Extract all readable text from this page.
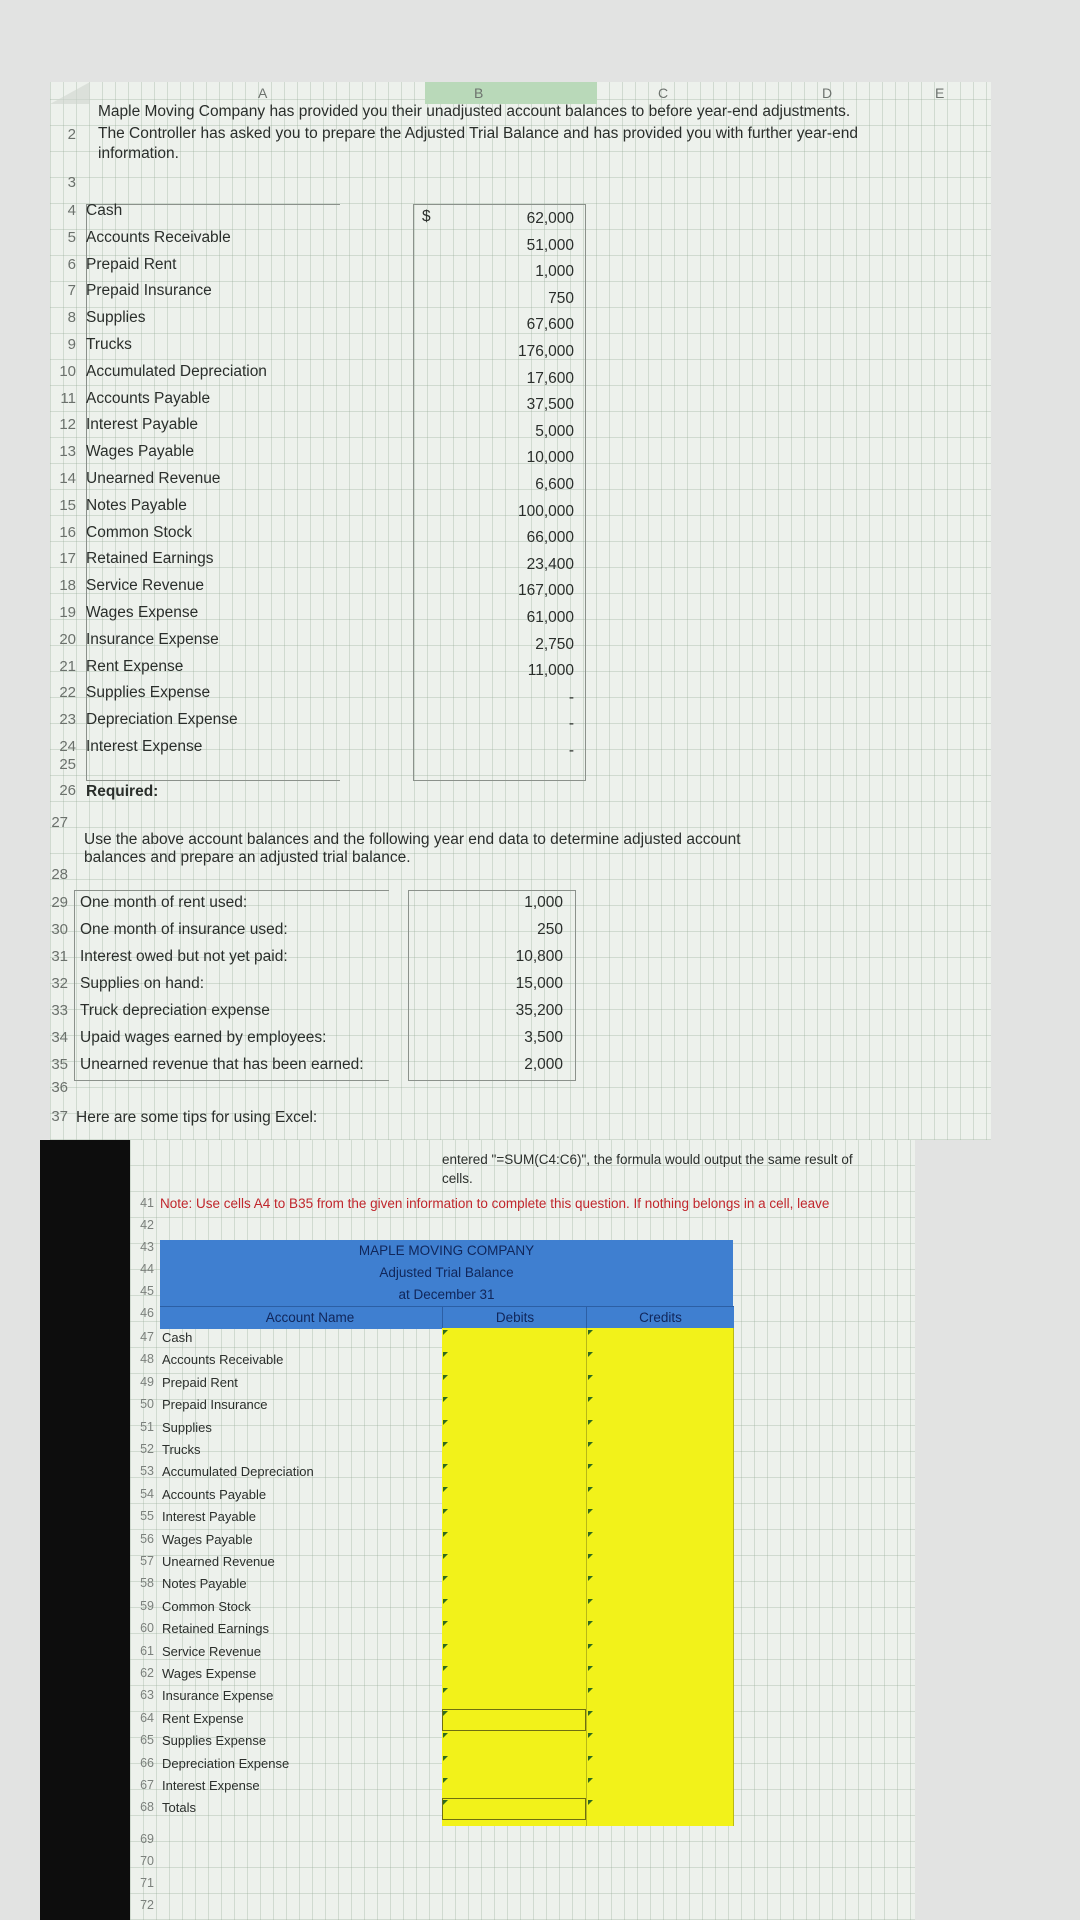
A	B	C	D	E
Maple Moving Company has provided you their unadjusted account balances to before year-end adjustments.
2 The Controller has asked you to prepare the Adjusted Trial Balance and has provided you with further year-end
information.
3
$
4 Cash	62,000
5 Accounts Receivable	51,000
6 Prepaid Rent	1,000
7 Prepaid Insurance	750
8 Supplies	67,600
9 Trucks	176,000
10 Accumulated Depreciation	17,600
11 Accounts Payable	37,500
12 Interest Payable	5,000
13 Wages Payable	10,000
14 Unearned Revenue	6,600
15 Notes Payable	100,000
16 Common Stock	66,000
17 Retained Earnings	23,400
18 Service Revenue	167,000
19 Wages Expense	61,000
20 Insurance Expense	2,750
21 Rent Expense	11,000
22 Supplies Expense	-
23 Depreciation Expense	-
24 Interest Expense	-
25
26 Required:
27
Use the above account balances and the following year end data to determine adjusted account
balances and prepare an adjusted trial balance.
28
29 One month of rent used:	1,000
30 One month of insurance used:	250
31 Interest owed but not yet paid:	10,800
32 Supplies on hand:	15,000
33 Truck depreciation expense	35,200
34 Upaid wages earned by employees:	3,500
35 Unearned revenue that has been earned:	2,000
36
37 Here are some tips for using Excel:
entered "=SUM(C4:C6)", the formula would output the same result of
cells.
41 Note: Use cells A4 to B35 from the given information to complete this question. If nothing belongs in a cell, leave
42
43
44
45
46
MAPLE MOVING COMPANY
Adjusted Trial Balance
at December 31
Account Name	Debits	Credits
47 Cash
48 Accounts Receivable
49 Prepaid Rent
50 Prepaid Insurance
51 Supplies
52 Trucks
53 Accumulated Depreciation
54 Accounts Payable
55 Interest Payable
56 Wages Payable
57 Unearned Revenue
58 Notes Payable
59 Common Stock
60 Retained Earnings
61 Service Revenue
62 Wages Expense
63 Insurance Expense
64 Rent Expense
65 Supplies Expense
66 Depreciation Expense
67 Interest Expense
68 Totals
69
70
71
72
